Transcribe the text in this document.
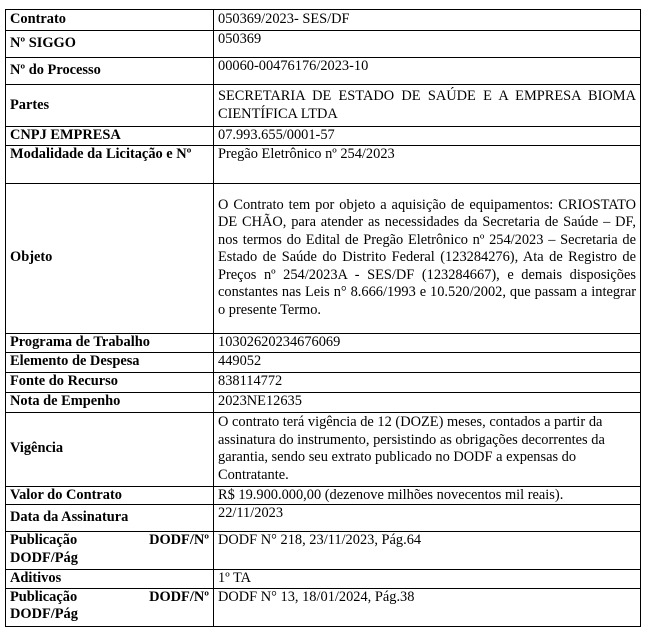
Contrato	050369/2023- SES/DF
Nº SIGGO	050369
Nº do Processo	00060-00476176/2023-10
Partes	SECRETARIA DE ESTADO DE SAÚDE E A EMPRESA BIOMA CIENTÍFICA LTDA
CNPJ EMPRESA	07.993.655/0001-57
Modalidade da Licitação e Nº	Pregão Eletrônico nº 254/2023
Objeto	O Contrato tem por objeto a aquisição de equipamentos: CRIOSTATO DE CHÃO, para atender as necessidades da Secretaria de Saúde – DF, nos termos do Edital de Pregão Eletrônico nº 254/2023 – Secretaria de Estado de Saúde do Distrito Federal (123284276), Ata de Registro de Preços nº 254/2023A - SES/DF (123284667), e demais disposições constantes nas Leis n° 8.666/1993 e 10.520/2002, que passam a integrar o presente Termo.
Programa de Trabalho	10302620234676069
Elemento de Despesa	449052
Fonte do Recurso	838114772
Nota de Empenho	2023NE12635
Vigência	O contrato terá vigência de 12 (DOZE) meses, contados a partir da assinatura do instrumento, persistindo as obrigações decorrentes da garantia, sendo seu extrato publicado no DODF a expensas do Contratante.
Valor do Contrato	R$ 19.900.000,00 (dezenove milhões novecentos mil reais).
Data da Assinatura	22/11/2023

Publicação DODF/Nº
DODF/Pág	DODF N° 218, 23/11/2023, Pág.64
Aditivos	1º TA

Publicação DODF/Nº
DODF/Pág	DODF N° 13, 18/01/2024, Pág.38
